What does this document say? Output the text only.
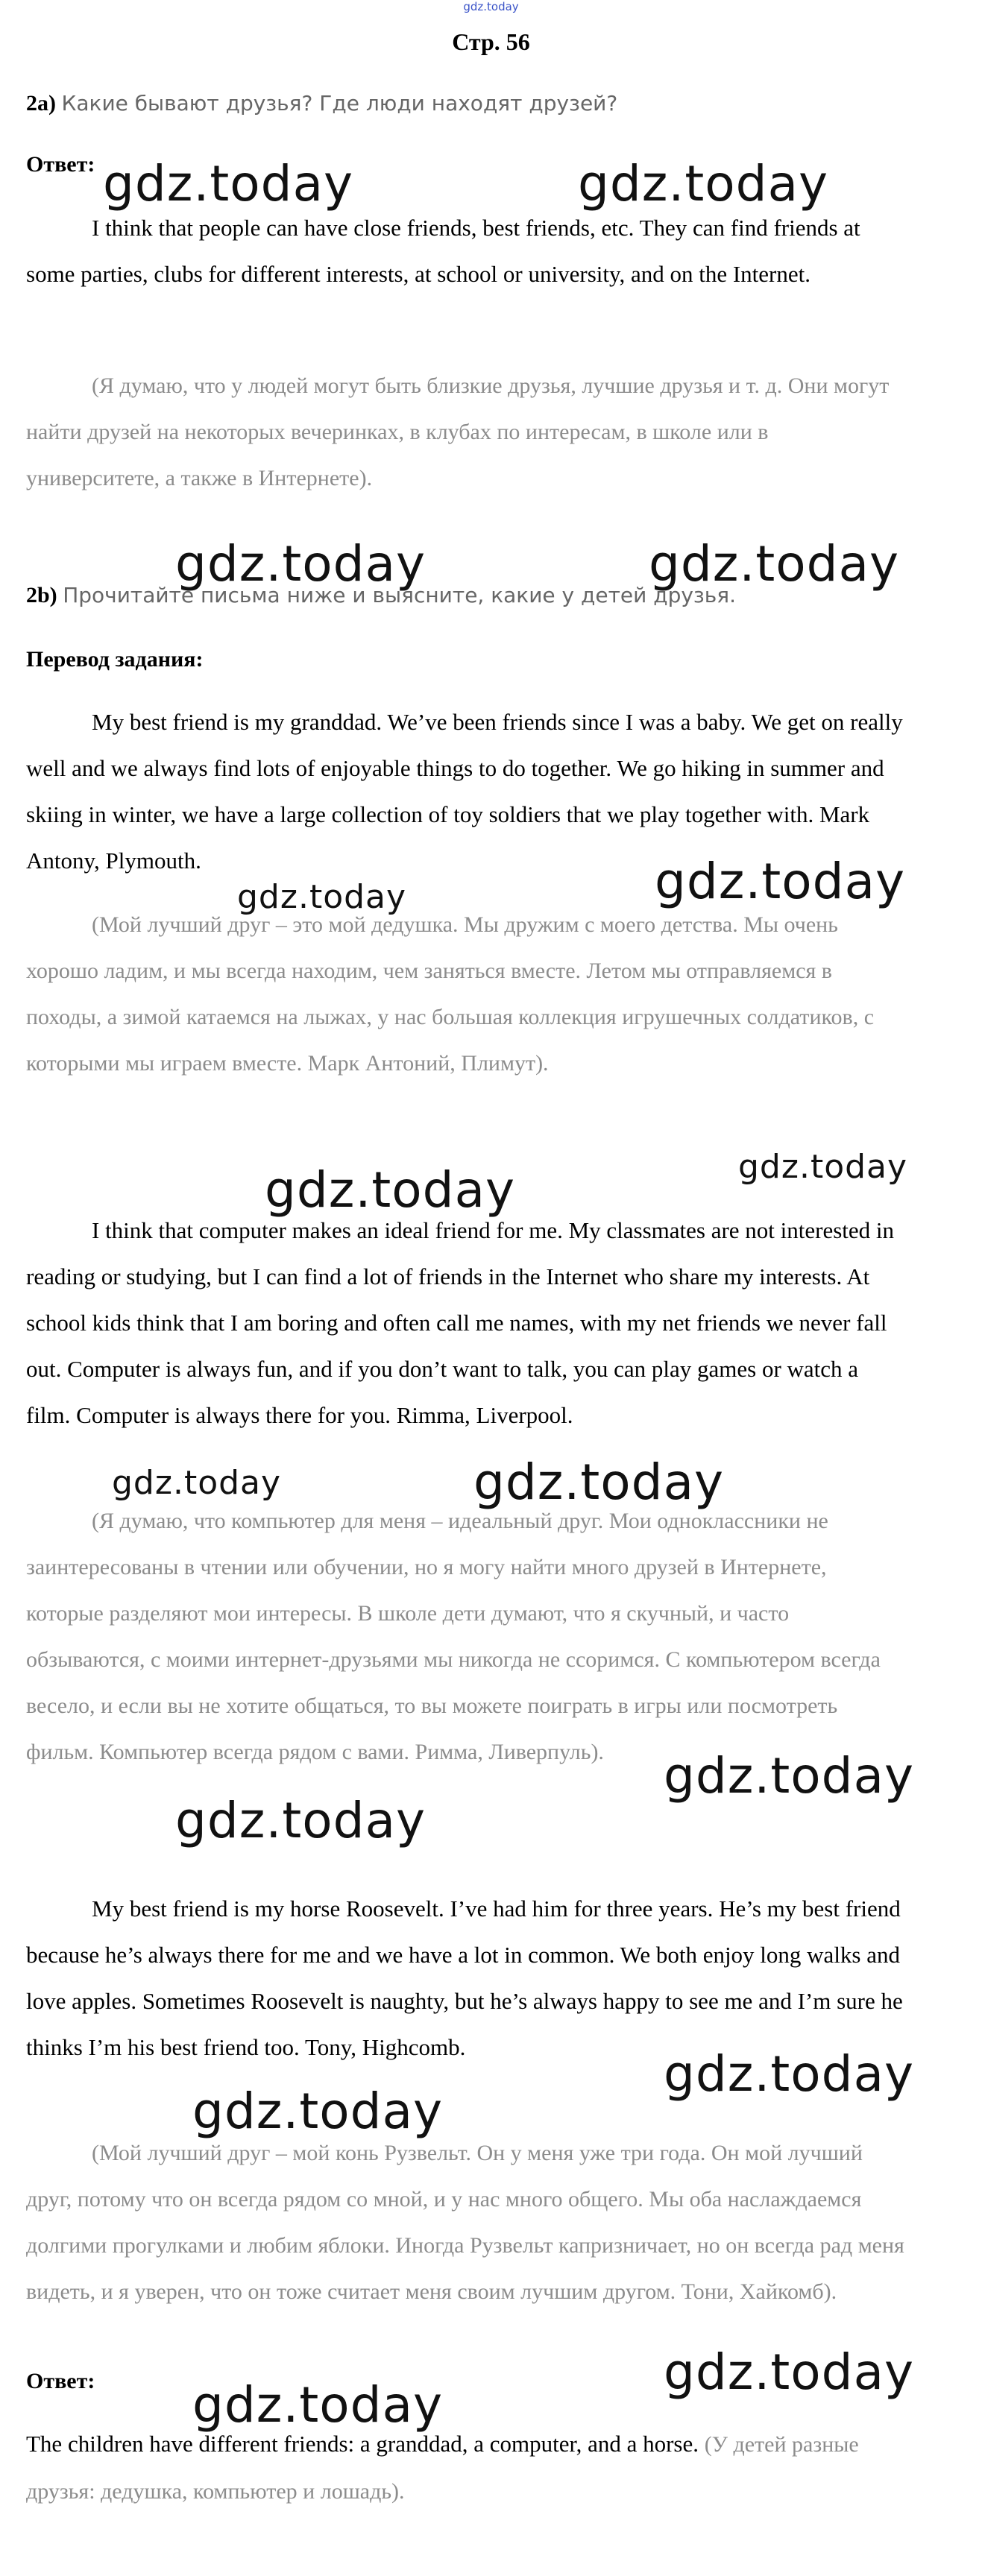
gdz.today
Стр. 56
2a) Какие бывают друзья? Где люди находят друзей?
Ответ:

I think that people can have close friends, best friends, etc. They can find friends at some parties, clubs for different interests, at school or university, and on the Internet.

(Я думаю, что у людей могут быть близкие друзья, лучшие друзья и т. д. Они могут найти друзей на некоторых вечеринках, в клубах по интересам, в школе или в университете, а также в Интернете).

2b) Прочитайте письма ниже и выясните, какие у детей друзья.
Перевод задания:

My best friend is my granddad. We’ve been friends since I was a baby. We get on really well and we always find lots of enjoyable things to do together. We go hiking in summer and skiing in winter, we have a large collection of toy soldiers that we play together with. Mark Antony, Plymouth.

(Мой лучший друг – это мой дедушка. Мы дружим с моего детства. Мы очень хорошо ладим, и мы всегда находим, чем заняться вместе. Летом мы отправляемся в походы, а зимой катаемся на лыжах, у нас большая коллекция игрушечных солдатиков, с которыми мы играем вместе. Марк Антоний, Плимут).

I think that computer makes an ideal friend for me. My classmates are not interested in reading or studying, but I can find a lot of friends in the Internet who share my interests. At school kids think that I am boring and often call me names, with my net friends we never fall out. Computer is always fun, and if you don’t want to talk, you can play games or watch a film. Computer is always there for you. Rimma, Liverpool.

(Я думаю, что компьютер для меня – идеальный друг. Мои одноклассники не заинтересованы в чтении или обучении, но я могу найти много друзей в Интернете, которые разделяют мои интересы. В школе дети думают, что я скучный, и часто обзываются, с моими интернет-друзьями мы никогда не ссоримся. С компьютером всегда весело, и если вы не хотите общаться, то вы можете поиграть в игры или посмотреть фильм. Компьютер всегда рядом с вами. Римма, Ливерпуль).

My best friend is my horse Roosevelt. I’ve had him for three years. He’s my best friend because he’s always there for me and we have a lot in common. We both enjoy long walks and love apples. Sometimes Roosevelt is naughty, but he’s always happy to see me and I’m sure he thinks I’m his best friend too. Tony, Highcomb.

(Мой лучший друг – мой конь Рузвельт. Он у меня уже три года. Он мой лучший друг, потому что он всегда рядом со мной, и у нас много общего. Мы оба наслаждаемся долгими прогулками и любим яблоки. Иногда Рузвельт капризничает, но он всегда рад меня видеть, и я уверен, что он тоже считает меня своим лучшим другом. Тони, Хайкомб).

Ответ:

The children have different friends: a granddad, a computer, and a horse. (У детей разные друзья: дедушка, компьютер и лошадь).

gdz.today	gdz.today
gdz.today	gdz.today
gdz.today
gdz.today
gdz.today	gdz.today
gdz.today
gdz.today
gdz.today
gdz.today
gdz.today
gdz.today
gdz.today
gdz.today
